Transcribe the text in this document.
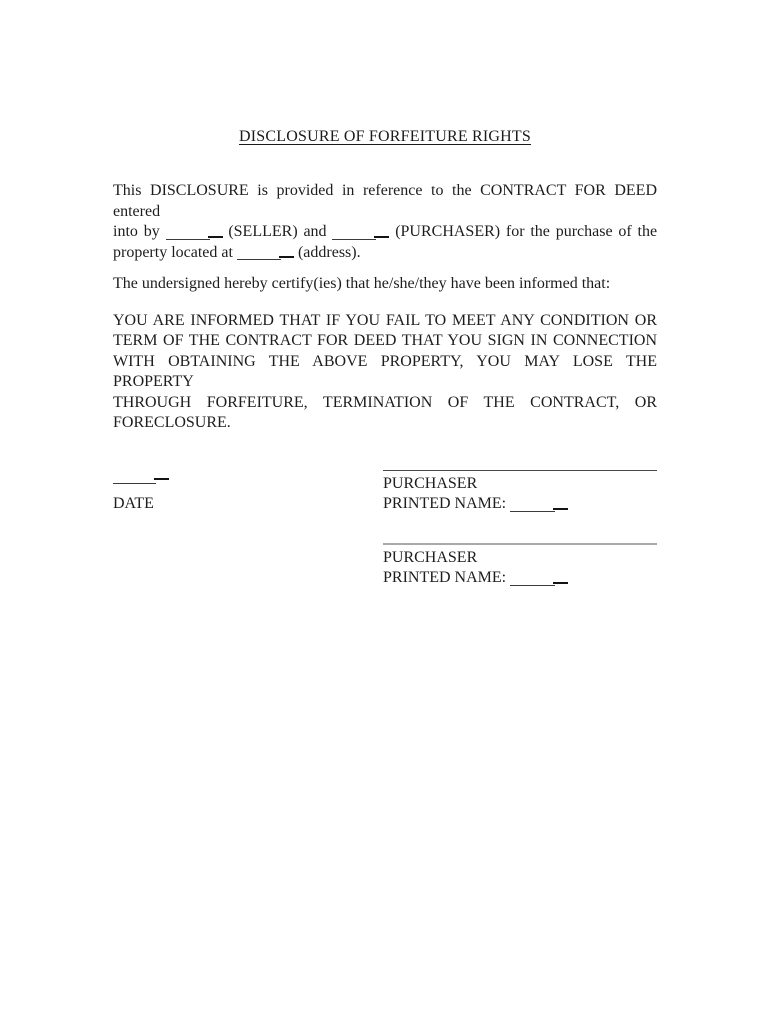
DISCLOSURE OF FORFEITURE RIGHTS

This DISCLOSURE is provided in reference to the CONTRACT FOR DEED entered
into by	(SELLER) and	(PURCHASER) for the purchase of the
property located at	(address).

The undersigned hereby certify(ies) that he/she/they have been informed that:

YOU ARE INFORMED THAT IF YOU FAIL TO MEET ANY CONDITION OR
TERM OF THE CONTRACT FOR DEED THAT YOU SIGN IN CONNECTION
WITH OBTAINING THE ABOVE PROPERTY, YOU MAY LOSE THE PROPERTY
THROUGH FORFEITURE, TERMINATION OF THE CONTRACT, OR
FORECLOSURE.

DATE
PURCHASER
PRINTED NAME:
PURCHASER
PRINTED NAME:
